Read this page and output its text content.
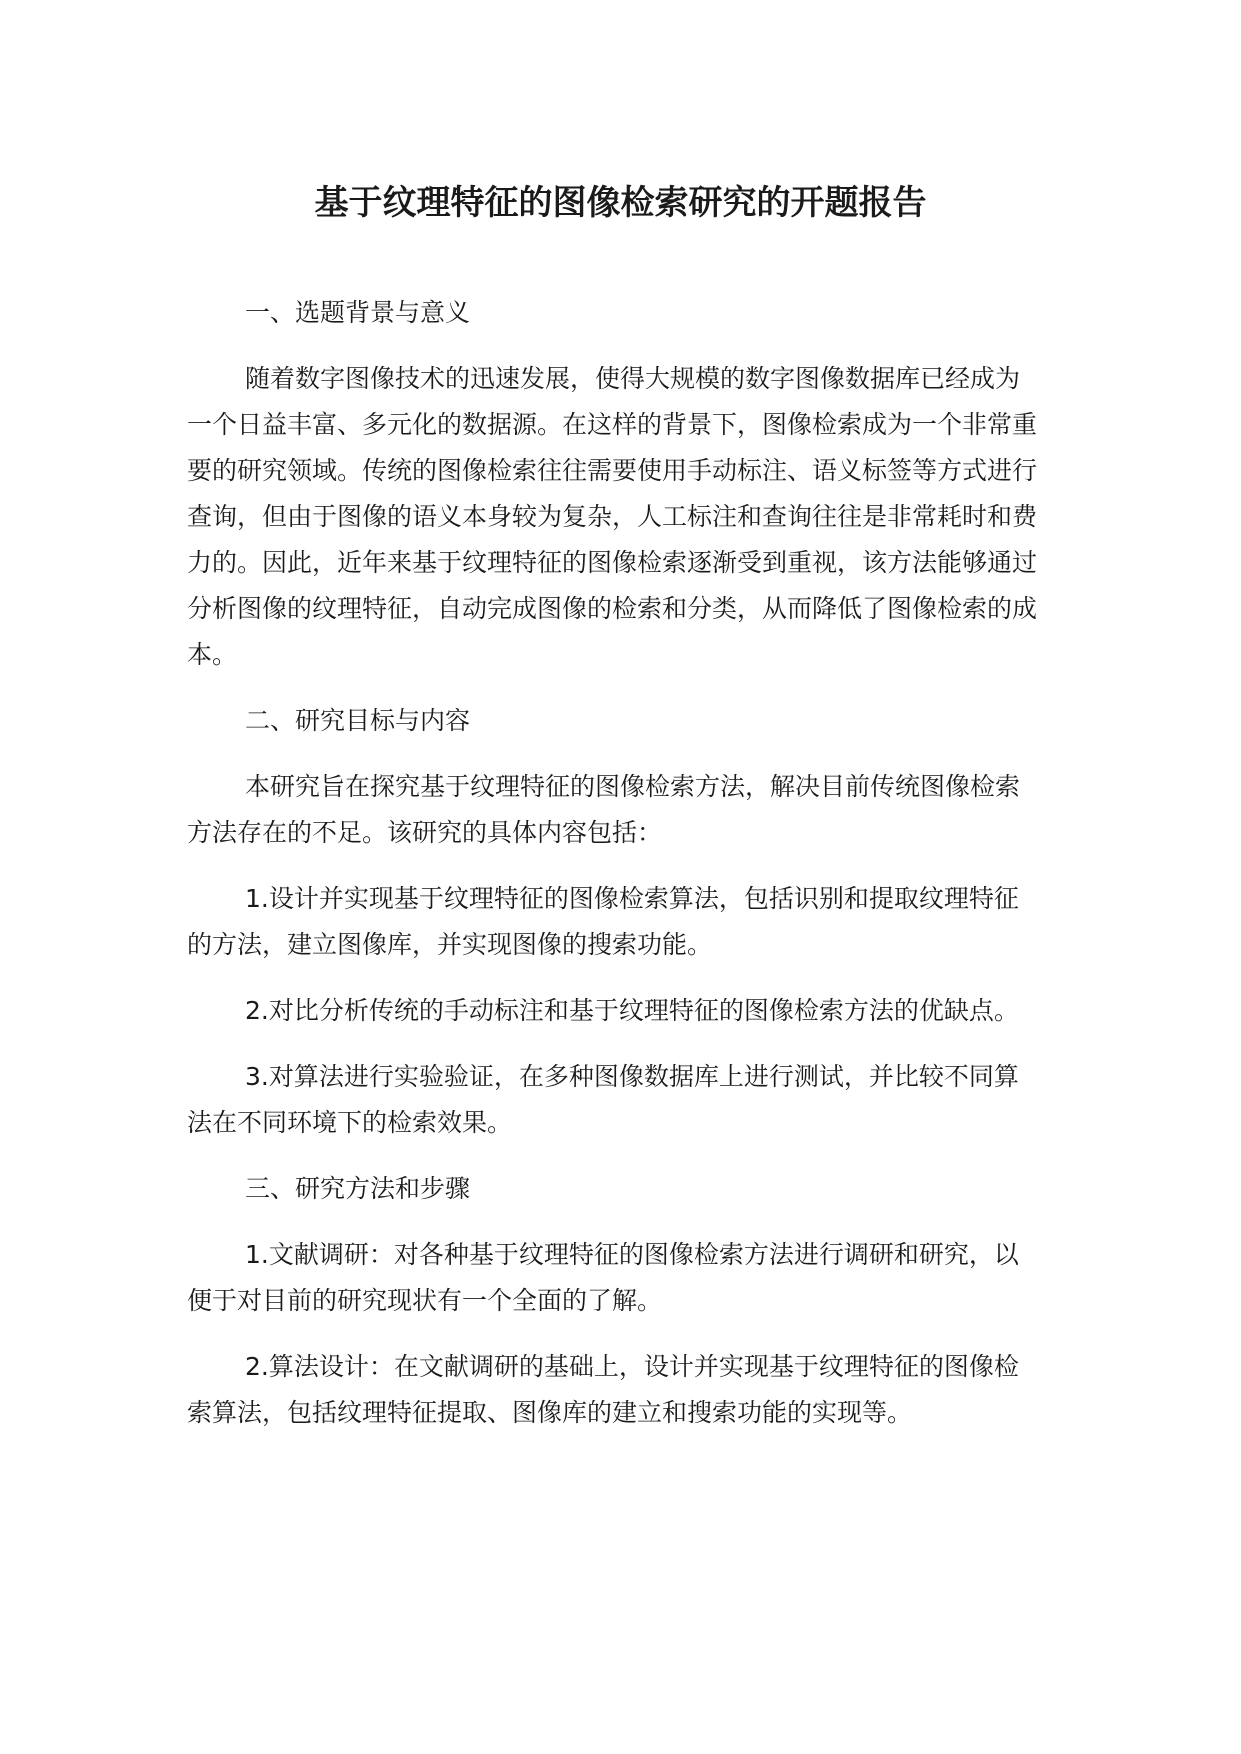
基于纹理特征的图像检索研究的开题报告

一、选题背景与意义

随着数字图像技术的迅速发展，使得大规模的数字图像数据库已经成为一个日益丰富、多元化的数据源。在这样的背景下，图像检索成为一个非常重要的研究领域。传统的图像检索往往需要使用手动标注、语义标签等方式进行查询，但由于图像的语义本身较为复杂，人工标注和查询往往是非常耗时和费力的。因此，近年来基于纹理特征的图像检索逐渐受到重视，该方法能够通过分析图像的纹理特征，自动完成图像的检索和分类，从而降低了图像检索的成本。

二、研究目标与内容

本研究旨在探究基于纹理特征的图像检索方法，解决目前传统图像检索方法存在的不足。该研究的具体内容包括：

1.设计并实现基于纹理特征的图像检索算法，包括识别和提取纹理特征的方法，建立图像库，并实现图像的搜索功能。

2.对比分析传统的手动标注和基于纹理特征的图像检索方法的优缺点。

3.对算法进行实验验证，在多种图像数据库上进行测试，并比较不同算法在不同环境下的检索效果。

三、研究方法和步骤

1.文献调研：对各种基于纹理特征的图像检索方法进行调研和研究，以便于对目前的研究现状有一个全面的了解。

2.算法设计：在文献调研的基础上，设计并实现基于纹理特征的图像检索算法，包括纹理特征提取、图像库的建立和搜索功能的实现等。
